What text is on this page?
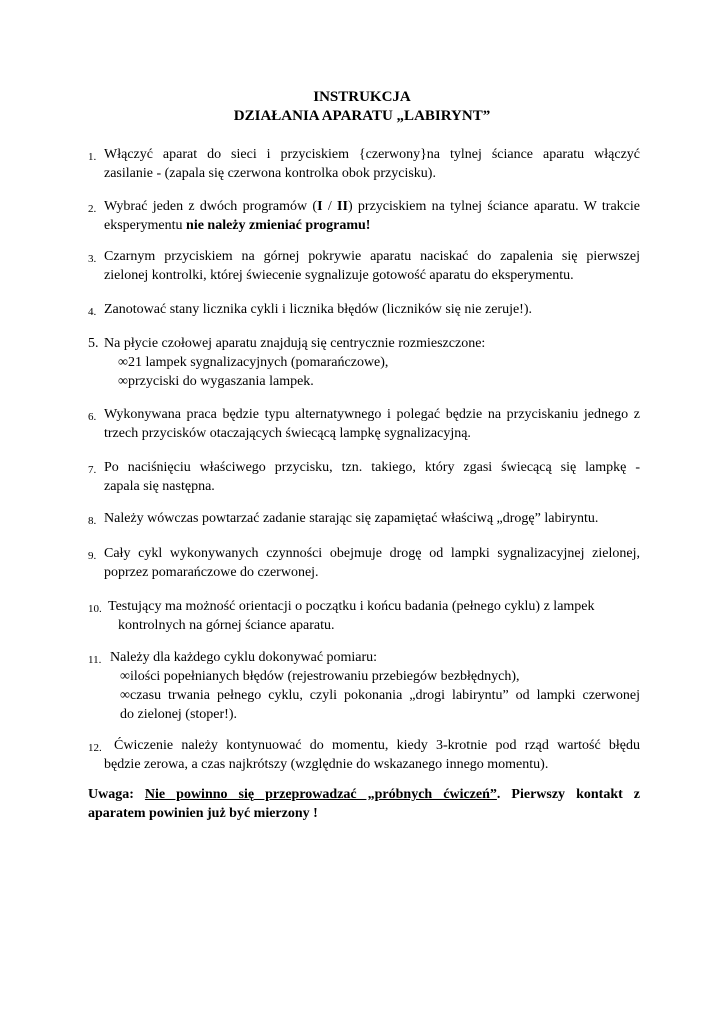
INSTRUKCJA
DZIAŁANIA APARATU „LABIRYNT”
1. Włączyć aparat do sieci i przyciskiem {czerwony}na tylnej ściance aparatu włączyć
zasilanie - (zapala się czerwona kontrolka obok przycisku).
2. Wybrać jeden z dwóch programów (I / II) przyciskiem na tylnej ściance aparatu. W trakcie
eksperymentu nie należy zmieniać programu!
3. Czarnym przyciskiem na górnej pokrywie aparatu naciskać do zapalenia się pierwszej
zielonej kontrolki, której świecenie sygnalizuje gotowość aparatu do eksperymentu.
4. Zanotować stany licznika cykli i licznika błędów (liczników się nie zeruje!).
5. Na płycie czołowej aparatu znajdują się centrycznie rozmieszczone:
∞21 lampek sygnalizacyjnych (pomarańczowe),
∞przyciski do wygaszania lampek.
6. Wykonywana praca będzie typu alternatywnego i polegać będzie na przyciskaniu jednego z
trzech przycisków otaczających świecącą lampkę sygnalizacyjną.
7. Po naciśnięciu właściwego przycisku, tzn. takiego, który zgasi świecącą się lampkę -
zapala się następna.
8. Należy wówczas powtarzać zadanie starając się zapamiętać właściwą „drogę” labiryntu.
9. Cały cykl wykonywanych czynności obejmuje drogę od lampki sygnalizacyjnej zielonej,
poprzez pomarańczowe do czerwonej.
10. Testujący ma możność orientacji o początku i końcu badania (pełnego cyklu) z lampek
kontrolnych na górnej ściance aparatu.
11. Należy dla każdego cyklu dokonywać pomiaru:
∞ilości popełnianych błędów (rejestrowaniu przebiegów bezbłędnych),
∞czasu trwania pełnego cyklu, czyli pokonania „drogi labiryntu” od lampki czerwonej
do zielonej (stoper!).
12. Ćwiczenie należy kontynuować do momentu, kiedy 3-krotnie pod rząd wartość błędu
będzie zerowa, a czas najkrótszy (względnie do wskazanego innego momentu).
Uwaga: Nie powinno się przeprowadzać „próbnych ćwiczeń”. Pierwszy kontakt z
aparatem powinien już być mierzony !
